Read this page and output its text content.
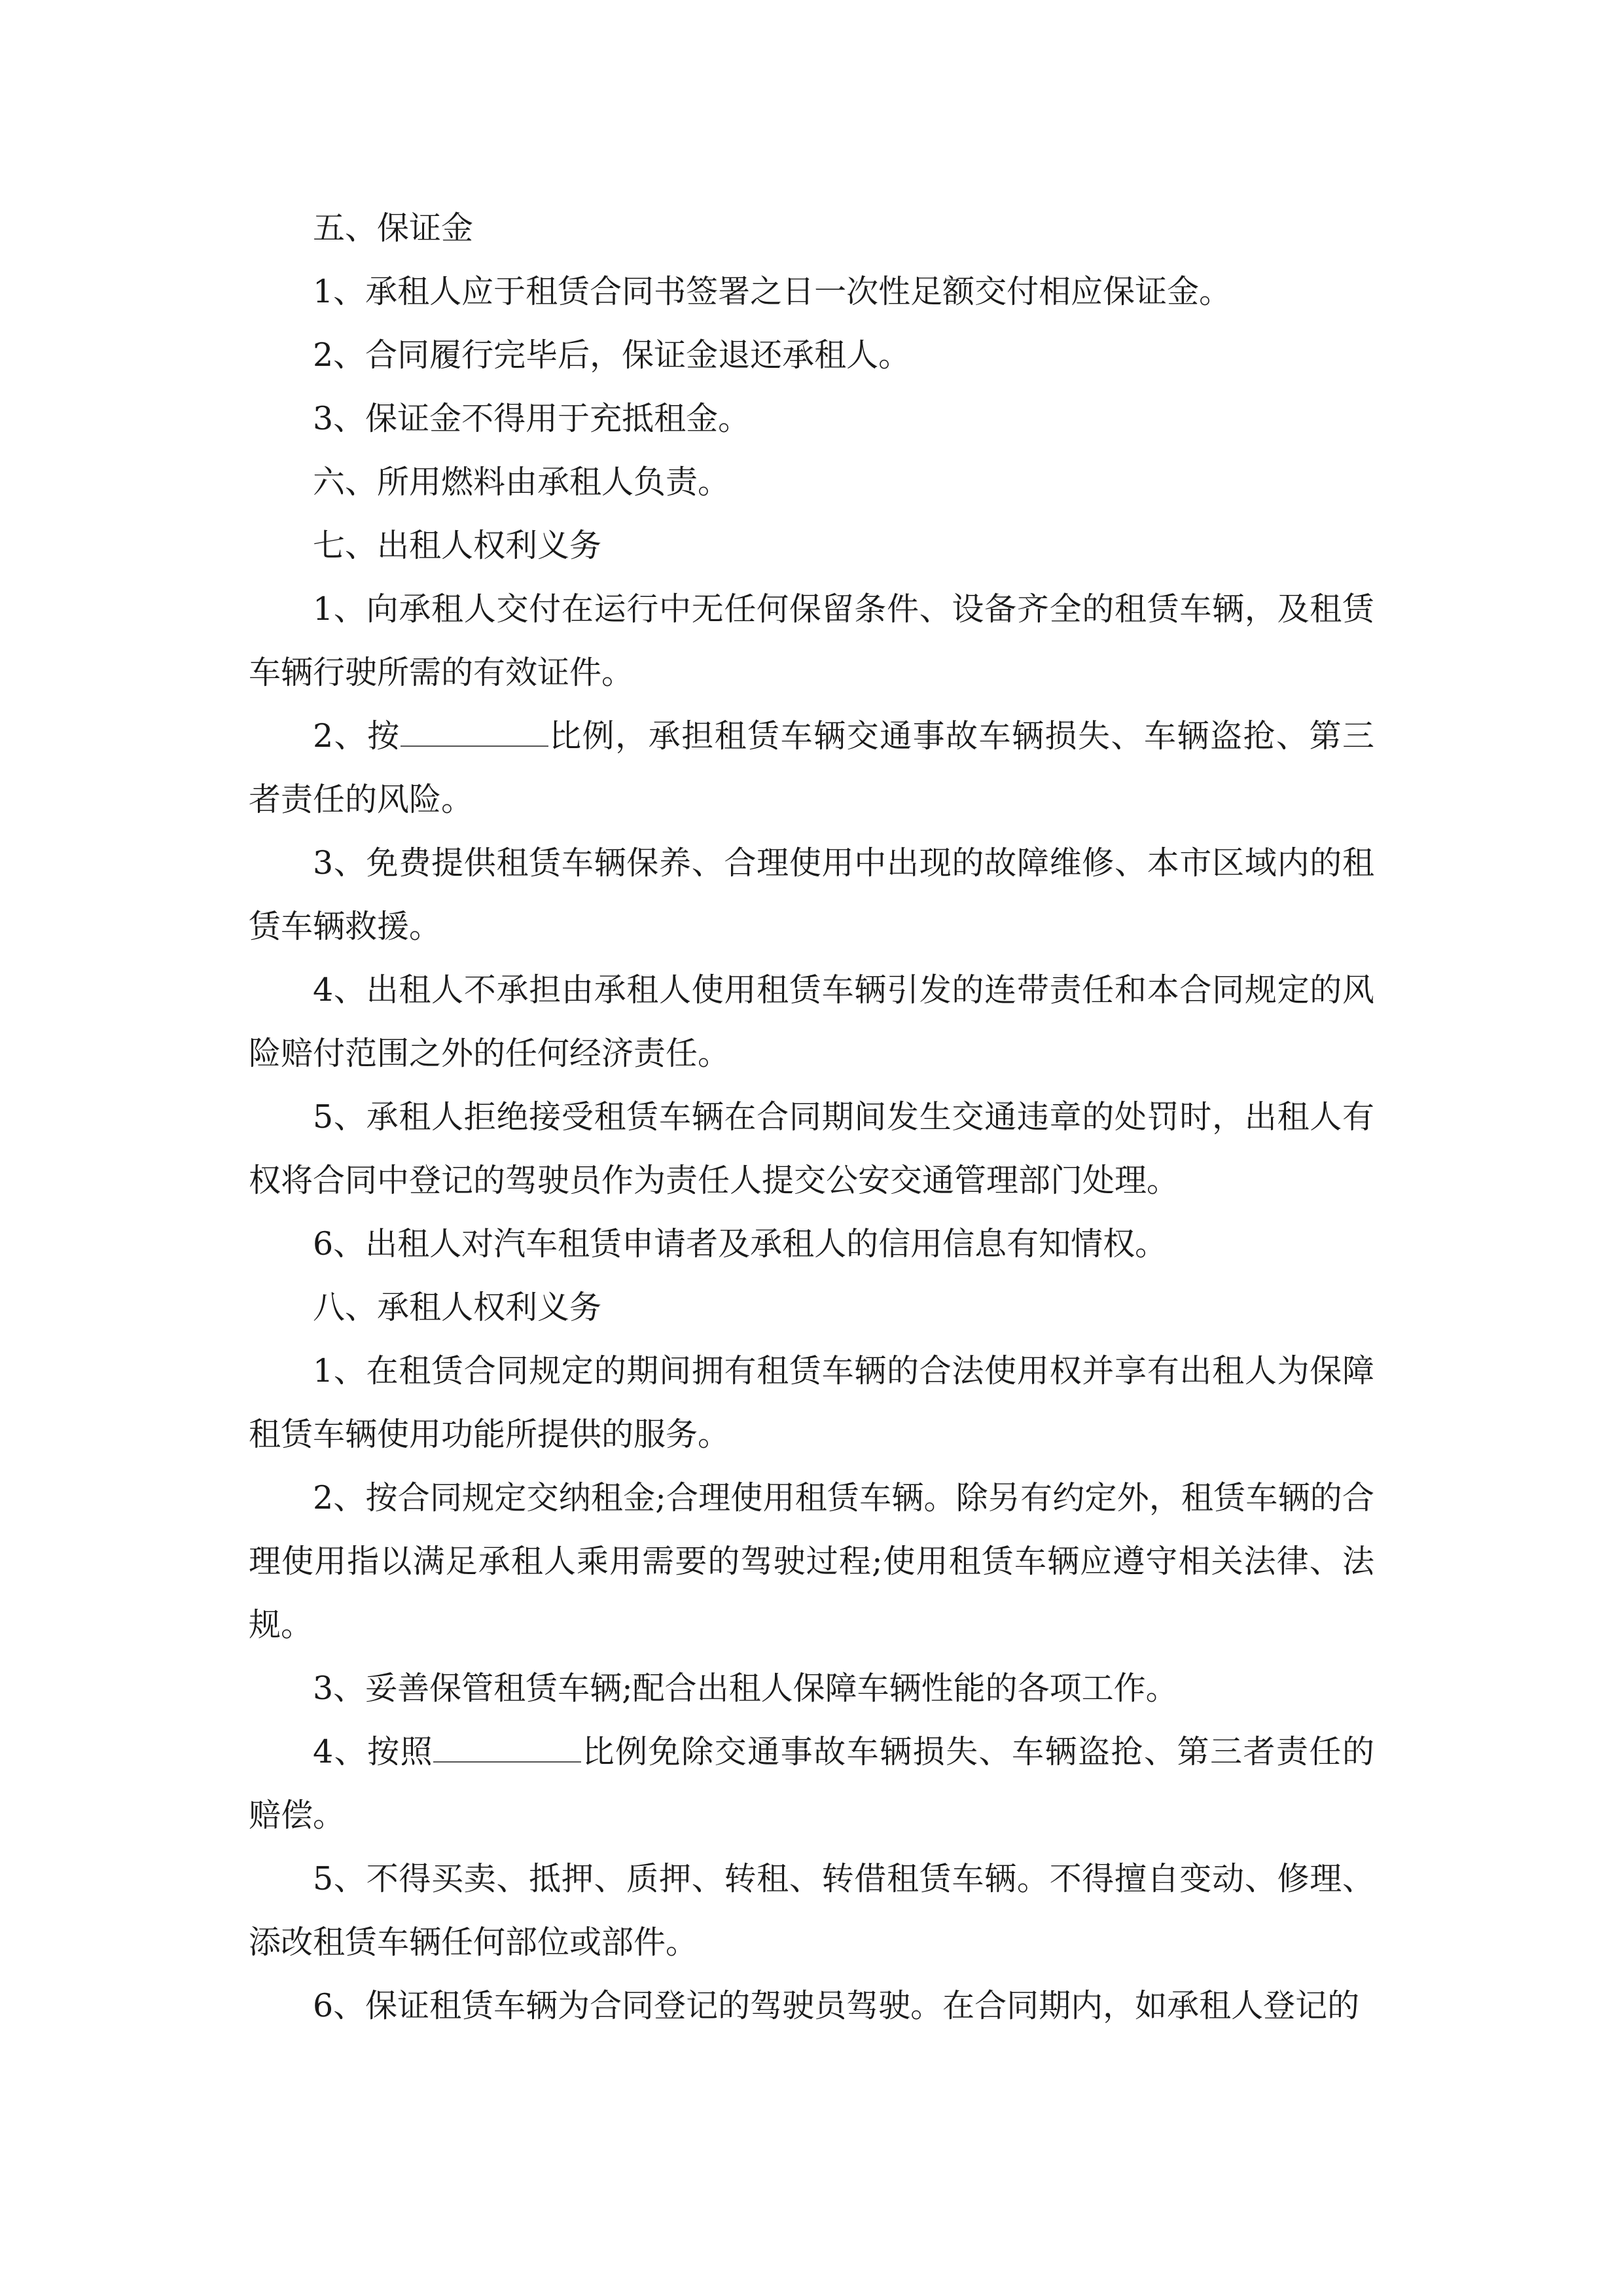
五、保证金

1、承租人应于租赁合同书签署之日一次性足额交付相应保证金。

2、合同履行完毕后，保证金退还承租人。

3、保证金不得用于充抵租金。

六、所用燃料由承租人负责。

七、出租人权利义务

1、向承租人交付在运行中无任何保留条件、设备齐全的租赁车辆，及租赁车辆行驶所需的有效证件。

2、按	比例，承担租赁车辆交通事故车辆损失、车辆盗抢、第三者责任的风险。

3、免费提供租赁车辆保养、合理使用中出现的故障维修、本市区域内的租赁车辆救援。

4、出租人不承担由承租人使用租赁车辆引发的连带责任和本合同规定的风险赔付范围之外的任何经济责任。

5、承租人拒绝接受租赁车辆在合同期间发生交通违章的处罚时，出租人有权将合同中登记的驾驶员作为责任人提交公安交通管理部门处理。

6、出租人对汽车租赁申请者及承租人的信用信息有知情权。

八、承租人权利义务

1、在租赁合同规定的期间拥有租赁车辆的合法使用权并享有出租人为保障租赁车辆使用功能所提供的服务。

2、按合同规定交纳租金;合理使用租赁车辆。除另有约定外，租赁车辆的合理使用指以满足承租人乘用需要的驾驶过程;使用租赁车辆应遵守相关法律、法规。

3、妥善保管租赁车辆;配合出租人保障车辆性能的各项工作。

4、按照	比例免除交通事故车辆损失、车辆盗抢、第三者责任的赔偿。

5、不得买卖、抵押、质押、转租、转借租赁车辆。不得擅自变动、修理、添改租赁车辆任何部位或部件。

6、保证租赁车辆为合同登记的驾驶员驾驶。在合同期内，如承租人登记的
